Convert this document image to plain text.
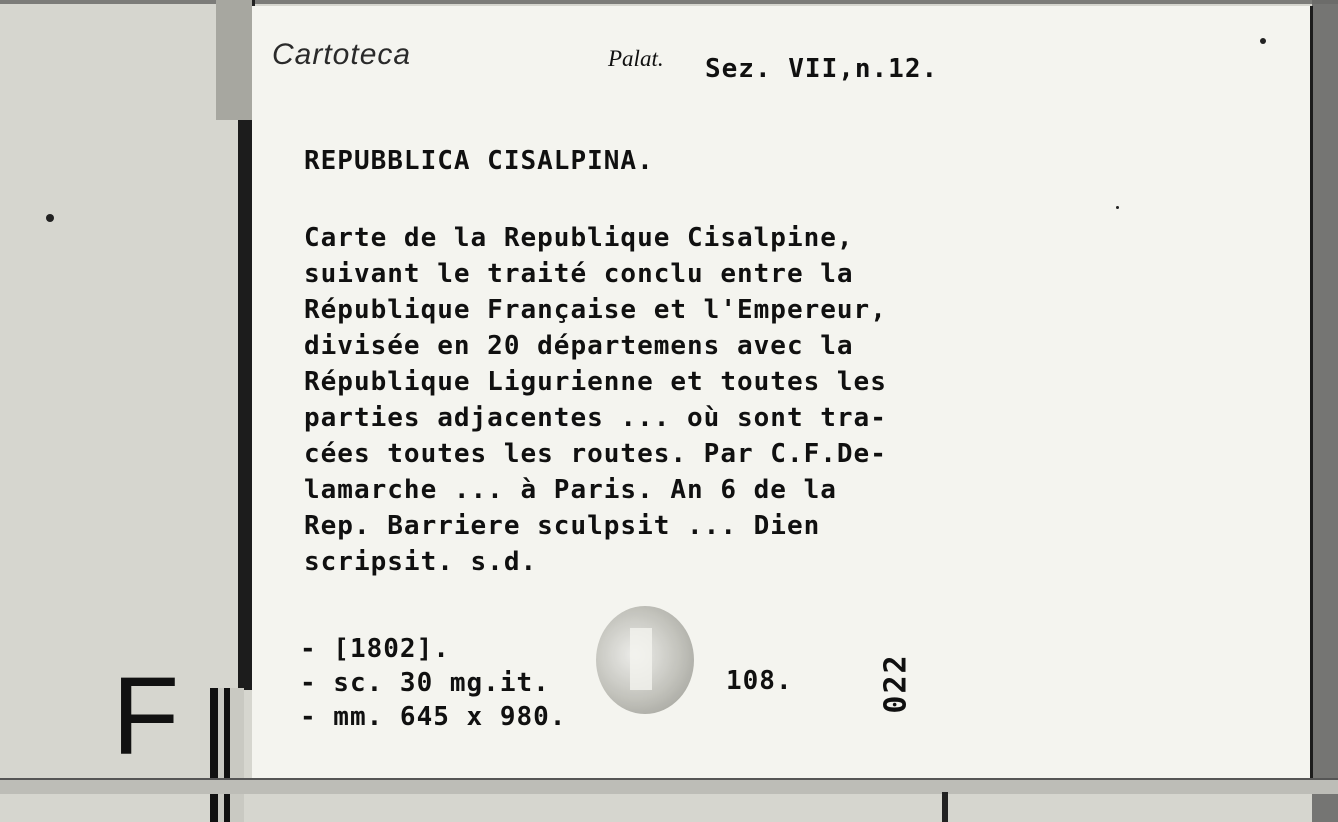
Cartoteca	Palat. Sez. VII,n.12.
REPUBBLICA CISALPINA.
Carte de la Republique Cisalpine,
suivant le traité conclu entre la
République Française et l'Empereur,
divisée en 20 départemens avec la
République Ligurienne et toutes les
parties adjacentes ... où sont tra-
cées toutes les routes. Par C.F.De-
lamarche ... à Paris. An 6 de la
Rep. Barriere sculpsit ... Dien
scripsit. s.d.
- [1802].
- sc. 30 mg.it.
- mm. 645 x 980.
108.	022
F
